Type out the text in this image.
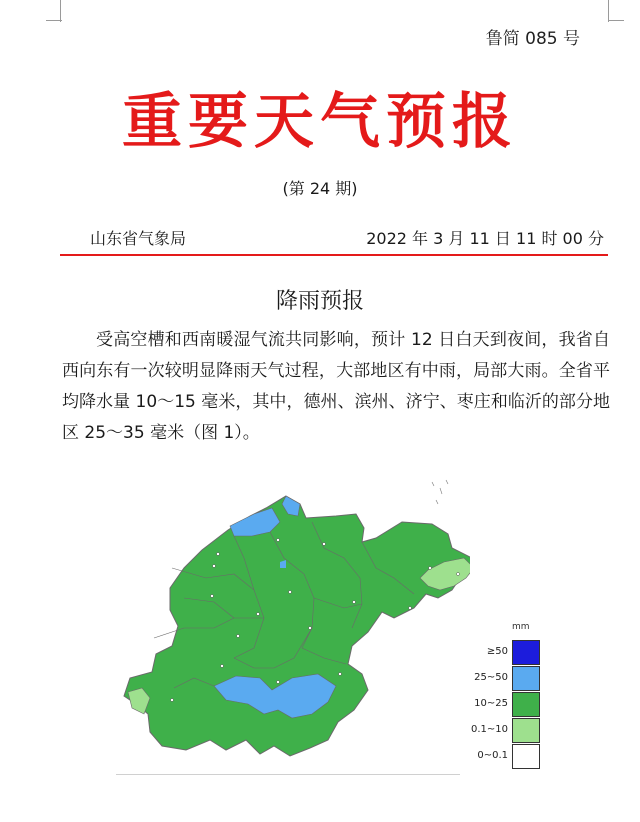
鲁简 085 号
重要天气预报
(第 24 期)
山东省气象局	2022 年 3 月 11 日 11 时 00 分
降雨预报

受高空槽和西南暖湿气流共同影响，预计 12 日白天到夜间，我省自西向东有一次较明显降雨天气过程，大部地区有中雨，局部大雨。全省平均降水量 10～15 毫米，其中，德州、滨州、济宁、枣庄和临沂的部分地区 25～35 毫米（图 1）。

mm
≥50
25~50
10~25
0.1~10
0~0.1
